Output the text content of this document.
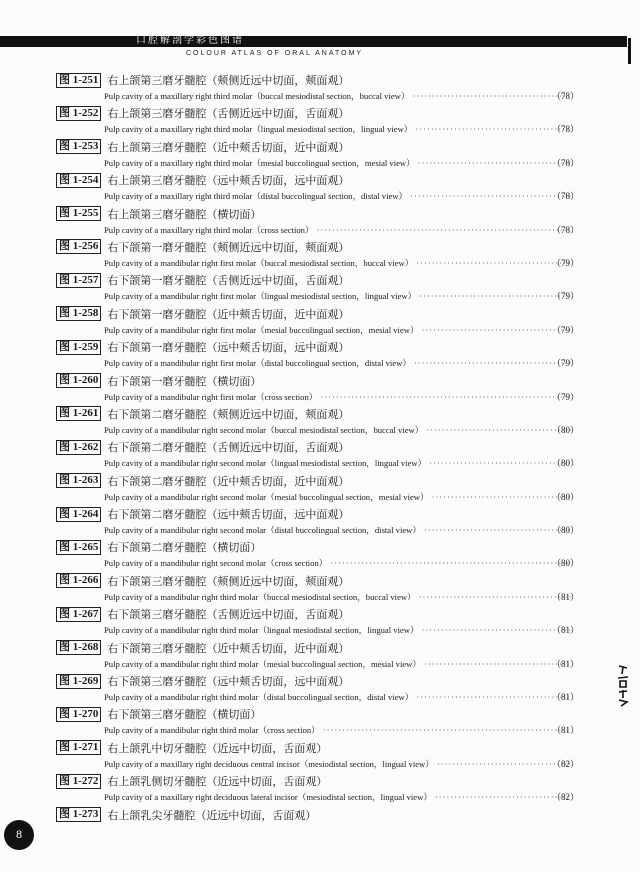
口腔解剖学彩色图谱
COLOUR ATLAS OF ORAL ANATOMY
图 1-251 右上颌第三磨牙髓腔（颊侧近远中切面，颊面观）
Pulp cavity of a maxillary right third molar（buccal mesiodistal section，buccal view） ·····	（78）
图 1-252 右上颌第三磨牙髓腔（舌侧近远中切面，舌面观）
Pulp cavity of a maxillary right third molar（lingual mesiodistal section，lingual view） ·····	（78）
图 1-253 右上颌第三磨牙髓腔（近中颊舌切面，近中面观）
Pulp cavity of a maxillary right third molar（mesial buccolingual section，mesial view） ·····	（78）
图 1-254 右上颌第三磨牙髓腔（远中颊舌切面，远中面观）
Pulp cavity of a maxillary right third molar（distal buccolingual section，distal view） ·····	（78）
图 1-255 右上颌第三磨牙髓腔（横切面）
Pulp cavity of a maxillary right third molar（cross section） ·····	（78）
图 1-256 右下颌第一磨牙髓腔（颊侧近远中切面，颊面观）
Pulp cavity of a mandibular right first molar（buccal mesiodistal section，buccal view） ·····	（79）
图 1-257 右下颌第一磨牙髓腔（舌侧近远中切面，舌面观）
Pulp cavity of a mandibular right first molar（lingual mesiodistal section，lingual view） ·····	（79）
图 1-258 右下颌第一磨牙髓腔（近中颊舌切面，近中面观）
Pulp cavity of a mandibular right first molar（mesial buccolingual section，mesial view） ·····	（79）
图 1-259 右下颌第一磨牙髓腔（远中颊舌切面，远中面观）
Pulp cavity of a mandibular right first molar（distal buccolingual section，distal view） ·····	（79）
图 1-260 右下颌第一磨牙髓腔（横切面）
Pulp cavity of a mandibular right first molar（cross section） ·····	（79）
图 1-261 右下颌第二磨牙髓腔（颊侧近远中切面，颊面观）
Pulp cavity of a mandibular right second molar（buccal mesiodistal section，buccal view） ·····	（80）
图 1-262 右下颌第二磨牙髓腔（舌侧近远中切面，舌面观）
Pulp cavity of a mandibular right second molar（lingual mesiodistal section，lingual view） ·····	（80）
图 1-263 右下颌第二磨牙髓腔（近中颊舌切面，近中面观）
Pulp cavity of a mandibular right second molar（mesial buccolingual section，mesial view） ·····	（80）
图 1-264 右下颌第二磨牙髓腔（远中颊舌切面，远中面观）
Pulp cavity of a mandibular right second molar（distal buccolingual section，distal view） ·····	（80）
图 1-265 右下颌第二磨牙髓腔（横切面）
Pulp cavity of a mandibular right second molar（cross section） ·····	（80）
图 1-266 右下颌第三磨牙髓腔（颊侧近远中切面，颊面观）
Pulp cavity of a mandibular right third molar（buccal mesiodistal section，buccal view） ·····	（81）
图 1-267 右下颌第三磨牙髓腔（舌侧近远中切面，舌面观）
Pulp cavity of a mandibular right third molar（lingual mesiodistal section，lingual view） ·····	（81）
图 1-268 右下颌第三磨牙髓腔（近中颊舌切面，近中面观）
Pulp cavity of a mandibular right third molar（mesial buccolingual section，mesial view） ·····	（81）
图 1-269 右下颌第三磨牙髓腔（远中颊舌切面，远中面观）
Pulp cavity of a mandibular right third molar（distal buccolingual section，distal view） ·····	（81）
图 1-270 右下颌第三磨牙髓腔（横切面）
Pulp cavity of a mandibular right third molar（cross section） ·····	（81）
图 1-271 右上颌乳中切牙髓腔（近远中切面，舌面观）
Pulp cavity of a maxillary right deciduous central incisor（mesiodistal section，lingual view） ·····	（82）
图 1-272 右上颌乳侧切牙髓腔（近远中切面，舌面观）
Pulp cavity of a maxillary right deciduous lateral incisor（mesiodistal section，lingual view） ·····	（82）
图 1-273 右上颌乳尖牙髓腔（近远中切面，舌面观）
8
